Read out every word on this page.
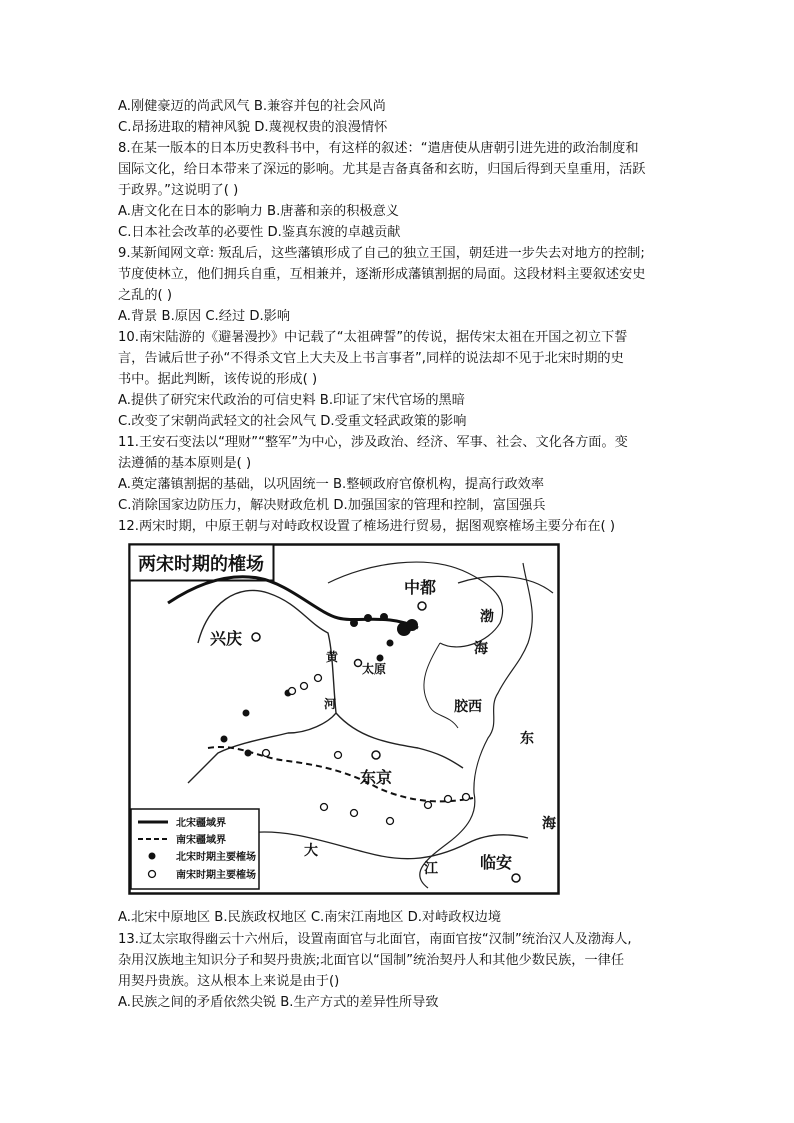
A.刚健豪迈的尚武风气 B.兼容并包的社会风尚
C.昂扬进取的精神风貌 D.蔑视权贵的浪漫情怀
8.在某一版本的日本历史教科书中，有这样的叙述：“遣唐使从唐朝引进先进的政治制度和
国际文化，给日本带来了深远的影响。尤其是吉备真备和玄昉，归国后得到天皇重用，活跃
于政界。”这说明了( )
A.唐文化在日本的影响力 B.唐蕃和亲的积极意义
C.日本社会改革的必要性 D.鉴真东渡的卓越贡献
9.某新闻网文章: 叛乱后，这些藩镇形成了自己的独立王国，朝廷进一步失去对地方的控制;
节度使林立，他们拥兵自重，互相兼并，逐渐形成藩镇割据的局面。这段材料主要叙述安史
之乱的( )
A.背景 B.原因 C.经过 D.影响
10.南宋陆游的《避暑漫抄》中记载了“太祖碑誓”的传说，据传宋太祖在开国之初立下誓
言，告诫后世子孙“不得杀文官上大夫及上书言事者”,同样的说法却不见于北宋时期的史
书中。据此判断，该传说的形成( )
A.提供了研究宋代政治的可信史料 B.印证了宋代官场的黑暗
C.改变了宋朝尚武轻文的社会风气 D.受重文轻武政策的影响
11.王安石变法以“理财”“整军”为中心，涉及政治、经济、军事、社会、文化各方面。变
法遵循的基本原则是( )
A.奠定藩镇割据的基础，以巩固统一 B.整顿政府官僚机构，提高行政效率
C.消除国家边防压力，解决财政危机 D.加强国家的管理和控制，富国强兵
12.两宋时期，中原王朝与对峙政权设置了榷场进行贸易，据图观察榷场主要分布在( )
两宋时期的榷场
中都
兴庆
太原
胶西
东京
临安
渤
海
东
海
黄
河
大
江
北宋疆域界
南宋疆域界
北宋时期主要榷场
南宋时期主要榷场
A.北宋中原地区 B.民族政权地区 C.南宋江南地区 D.对峙政权边境
13.辽太宗取得幽云十六州后，设置南面官与北面官，南面官按“汉制”统治汉人及渤海人,
杂用汉族地主知识分子和契丹贵族;北面官以“国制”统治契丹人和其他少数民族，一律任
用契丹贵族。这从根本上来说是由于()
A.民族之间的矛盾依然尖锐 B.生产方式的差异性所导致
